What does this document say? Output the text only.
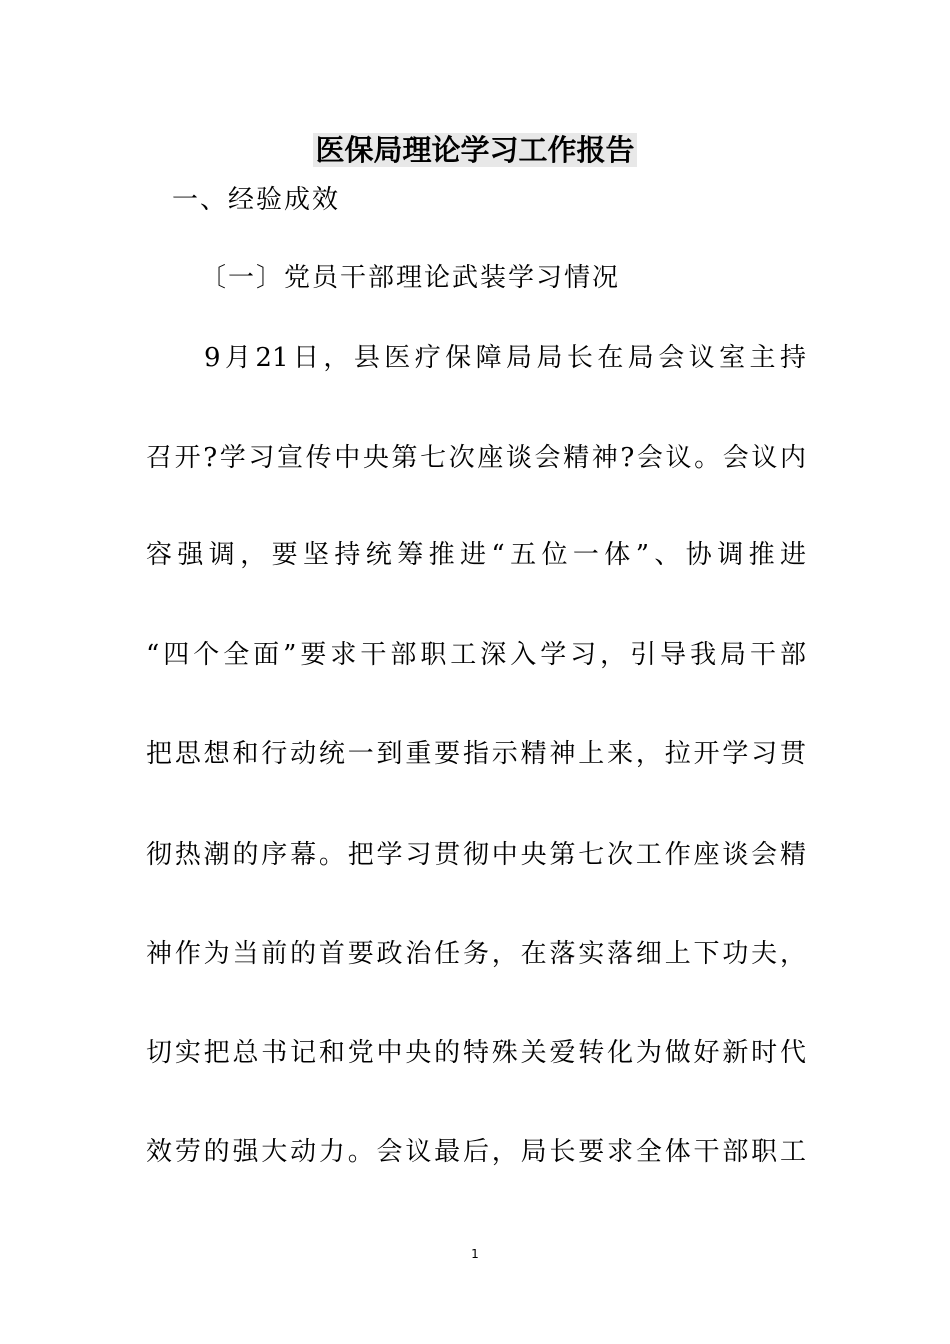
医保局理论学习工作报告
一、经验成效
〔一〕党员干部理论武装学习情况
9月21日，县医疗保障局局长在局会议室主持
召开?学习宣传中央第七次座谈会精神?会议。会议内
容强调，要坚持统筹推进“五位一体”、协调推进
“四个全面”要求干部职工深入学习，引导我局干部
把思想和行动统一到重要指示精神上来，拉开学习贯
彻热潮的序幕。把学习贯彻中央第七次工作座谈会精
神作为当前的首要政治任务，在落实落细上下功夫，
切实把总书记和党中央的特殊关爱转化为做好新时代
效劳的强大动力。会议最后，局长要求全体干部职工
1
